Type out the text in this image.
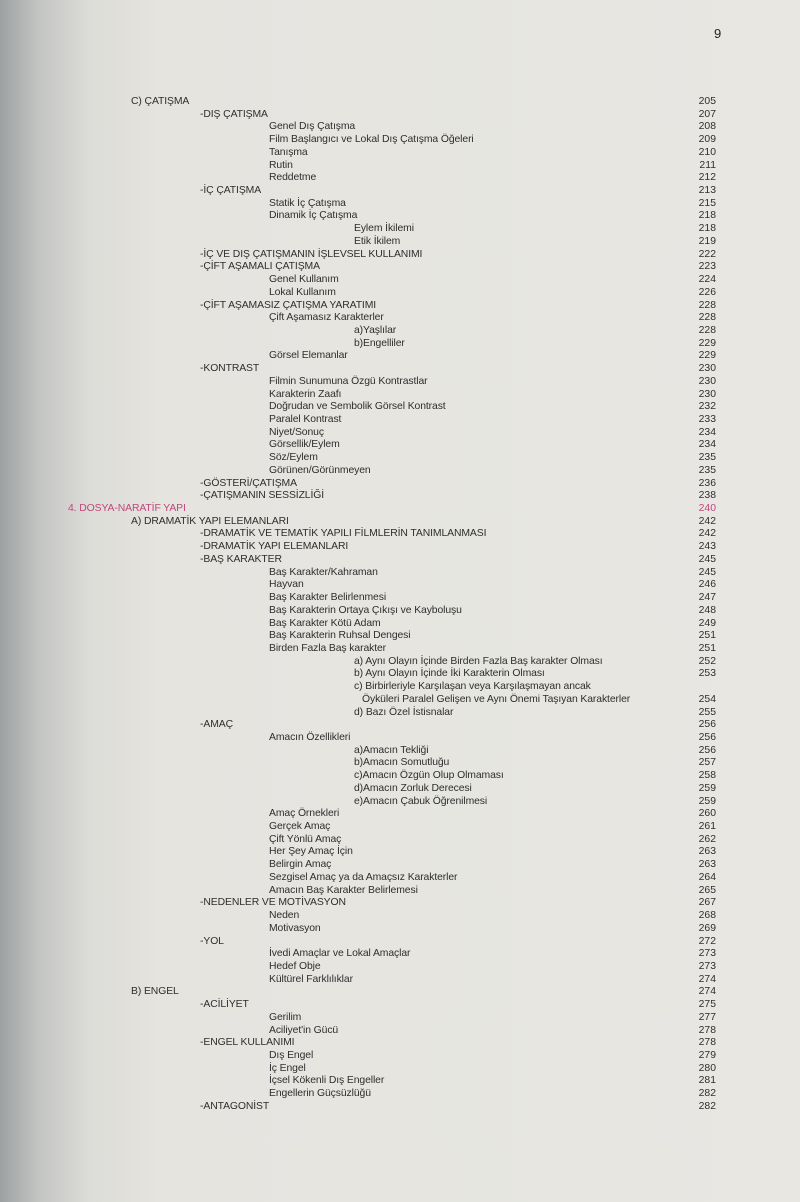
9
C) ÇATIŞMA	205
-DIŞ ÇATIŞMA	207
Genel Dış Çatışma	208
Film Başlangıcı ve Lokal Dış Çatışma Öğeleri	209
Tanışma	210
Rutin	211
Reddetme	212
-İÇ ÇATIŞMA	213
Statik İç Çatışma	215
Dinamik İç Çatışma	218
Eylem İkilemi	218
Etik İkilem	219
-İÇ VE DIŞ ÇATIŞMANIN İŞLEVSEL KULLANIMI	222
-ÇİFT AŞAMALI ÇATIŞMA	223
Genel Kullanım	224
Lokal Kullanım	226
-ÇİFT AŞAMASIZ ÇATIŞMA YARATIMI	228
Çift Aşamasız Karakterler	228
a)Yaşlılar	228
b)Engelliler	229
Görsel Elemanlar	229
-KONTRAST	230
Filmin Sunumuna Özgü Kontrastlar	230
Karakterin Zaafı	230
Doğrudan ve Sembolik Görsel Kontrast	232
Paralel Kontrast	233
Niyet/Sonuç	234
Görsellik/Eylem	234
Söz/Eylem	235
Görünen/Görünmeyen	235
-GÖSTERİ/ÇATIŞMA	236
-ÇATIŞMANIN SESSİZLİĞİ	238
4. DOSYA-NARATİF YAPI	240
A) DRAMATİK YAPI ELEMANLARI	242
-DRAMATİK VE TEMATİK YAPILI FİLMLERİN TANIMLANMASI	242
-DRAMATİK YAPI ELEMANLARI	243
-BAŞ KARAKTER	245
Baş Karakter/Kahraman	245
Hayvan	246
Baş Karakter Belirlenmesi	247
Baş Karakterin Ortaya Çıkışı ve Kayboluşu	248
Baş Karakter Kötü Adam	249
Baş Karakterin Ruhsal Dengesi	251
Birden Fazla Baş karakter	251
a) Aynı Olayın İçinde Birden Fazla Baş karakter Olması	252
b) Aynı Olayın İçinde İki Karakterin Olması	253
c) Birbirleriyle Karşılaşan veya Karşılaşmayan ancak
Öyküleri Paralel Gelişen ve Aynı Önemi Taşıyan Karakterler	254
d) Bazı Özel İstisnalar	255
-AMAÇ	256
Amacın Özellikleri	256
a)Amacın Tekliği	256
b)Amacın Somutluğu	257
c)Amacın Özgün Olup Olmaması	258
d)Amacın Zorluk Derecesi	259
e)Amacın Çabuk Öğrenilmesi	259
Amaç Örnekleri	260
Gerçek Amaç	261
Çift Yönlü Amaç	262
Her Şey Amaç İçin	263
Belirgin Amaç	263
Sezgisel Amaç ya da Amaçsız Karakterler	264
Amacın Baş Karakter Belirlemesi	265
-NEDENLER VE MOTİVASYON	267
Neden	268
Motivasyon	269
-YOL	272
İvedi Amaçlar ve Lokal Amaçlar	273
Hedef Obje	273
Kültürel Farklılıklar	274
B) ENGEL	274
-ACİLİYET	275
Gerilim	277
Aciliyet'in Gücü	278
-ENGEL KULLANIMI	278
Dış Engel	279
İç Engel	280
İçsel Kökenli Dış Engeller	281
Engellerin Güçsüzlüğü	282
-ANTAGONİST	282
